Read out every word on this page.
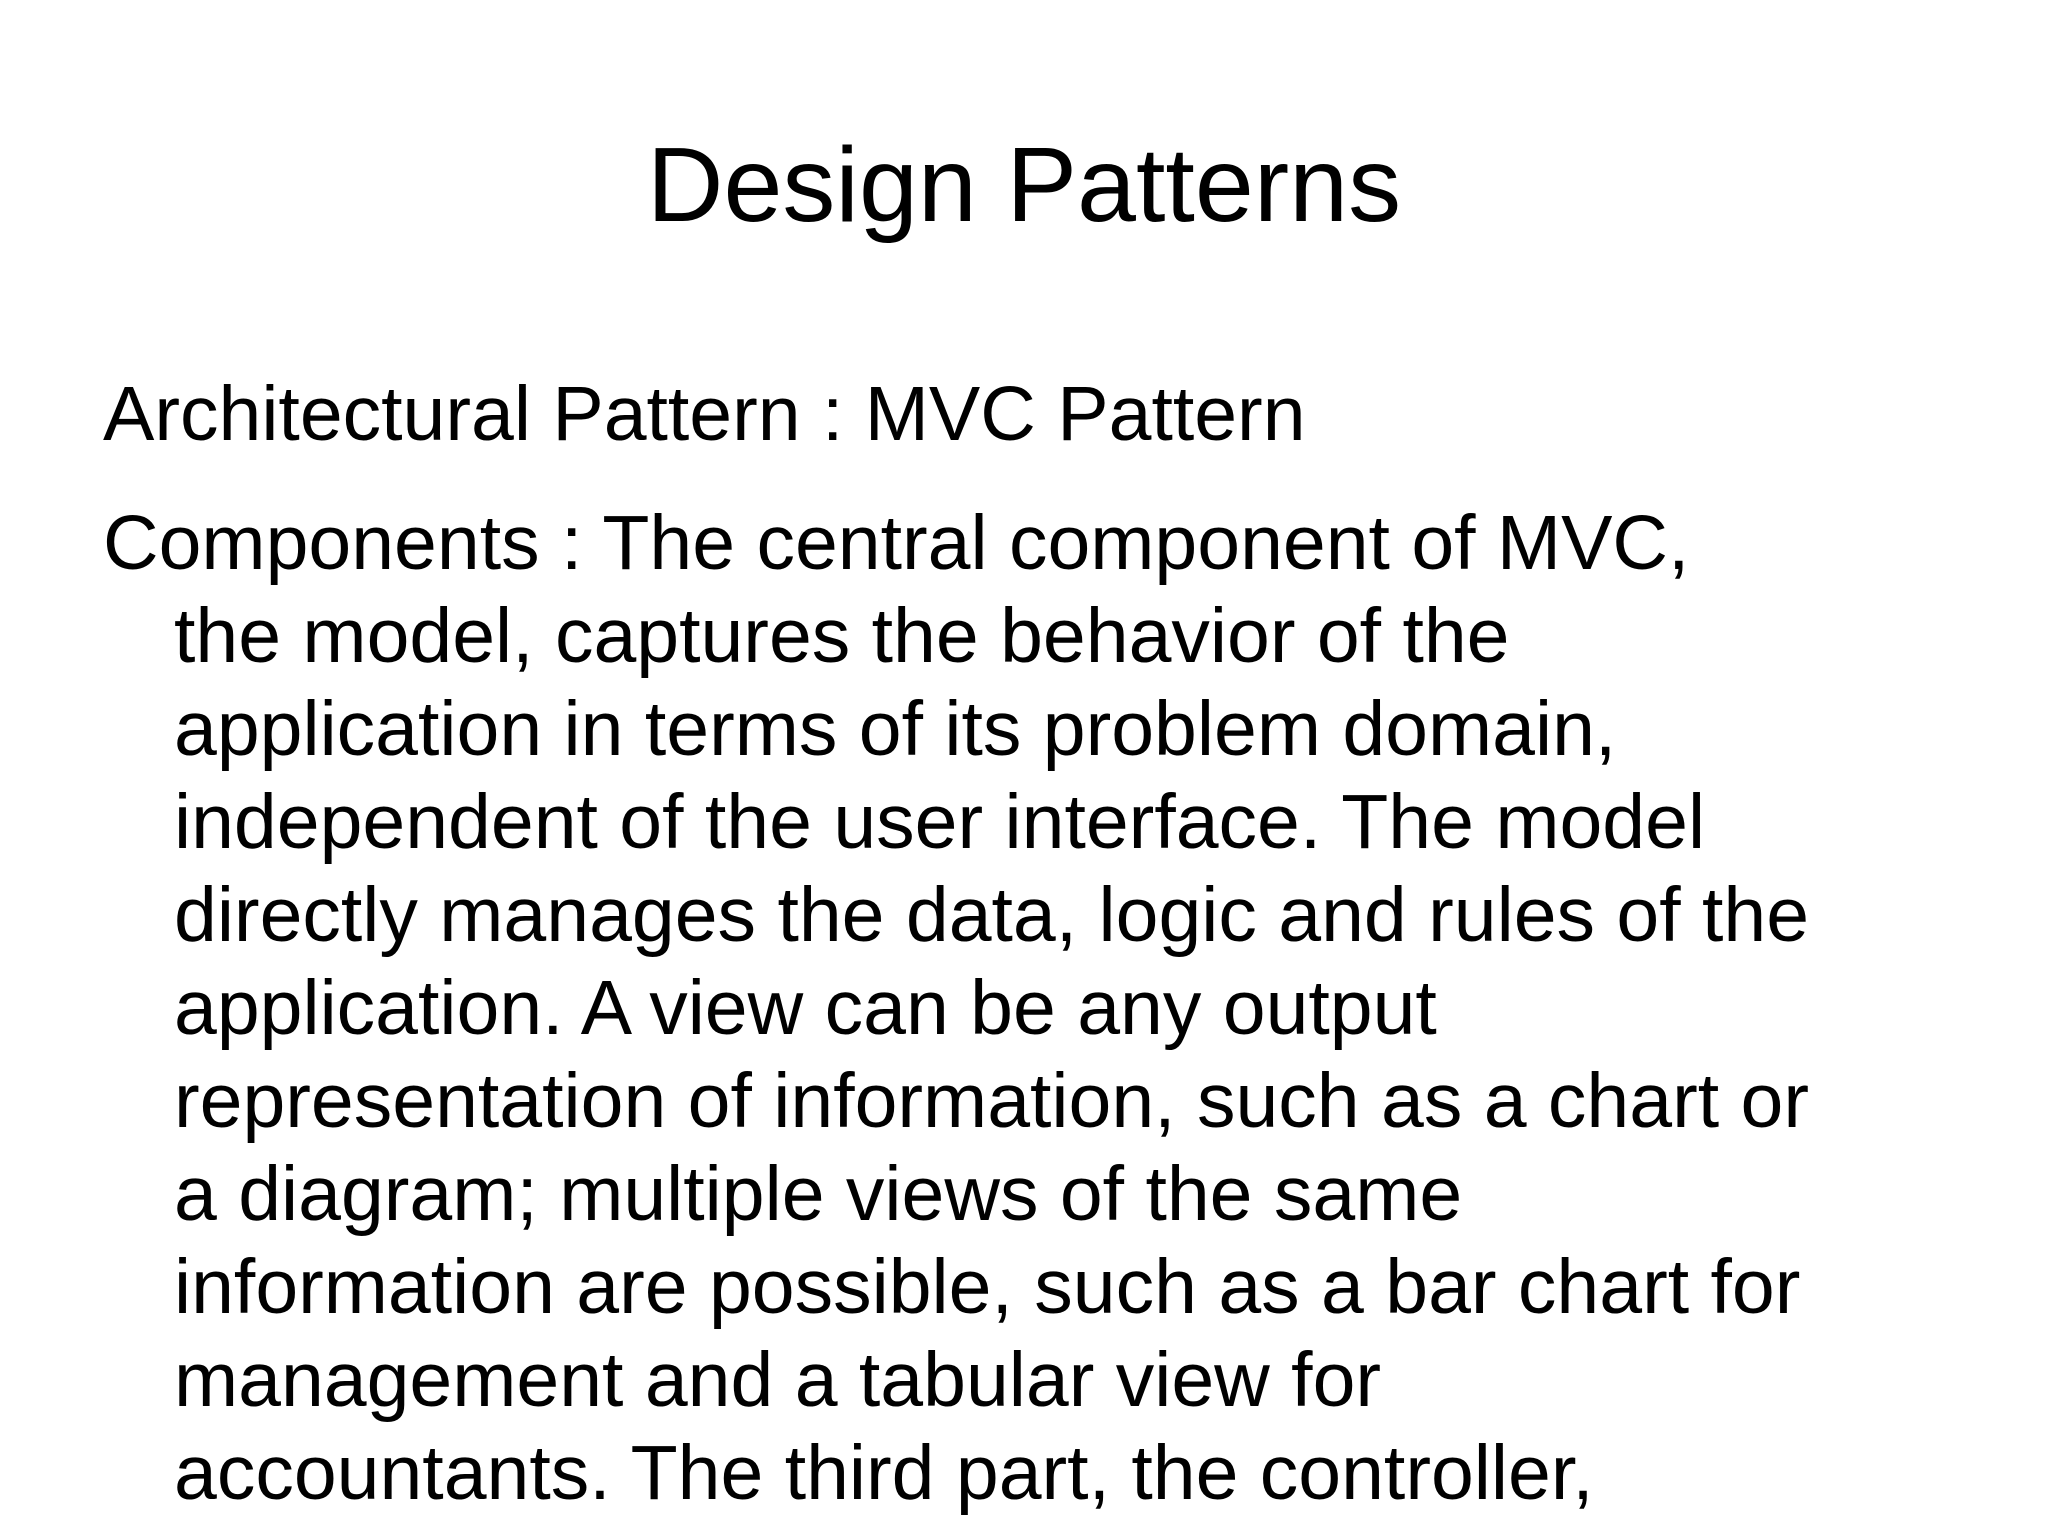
Design Patterns

Architectural Pattern : MVC Pattern

Components : The central component of MVC,
the model, captures the behavior of the
application in terms of its problem domain,
independent of the user interface. The model
directly manages the data, logic and rules of the
application. A view can be any output
representation of information, such as a chart or
a diagram; multiple views of the same
information are possible, such as a bar chart for
management and a tabular view for
accountants. The third part, the controller,
